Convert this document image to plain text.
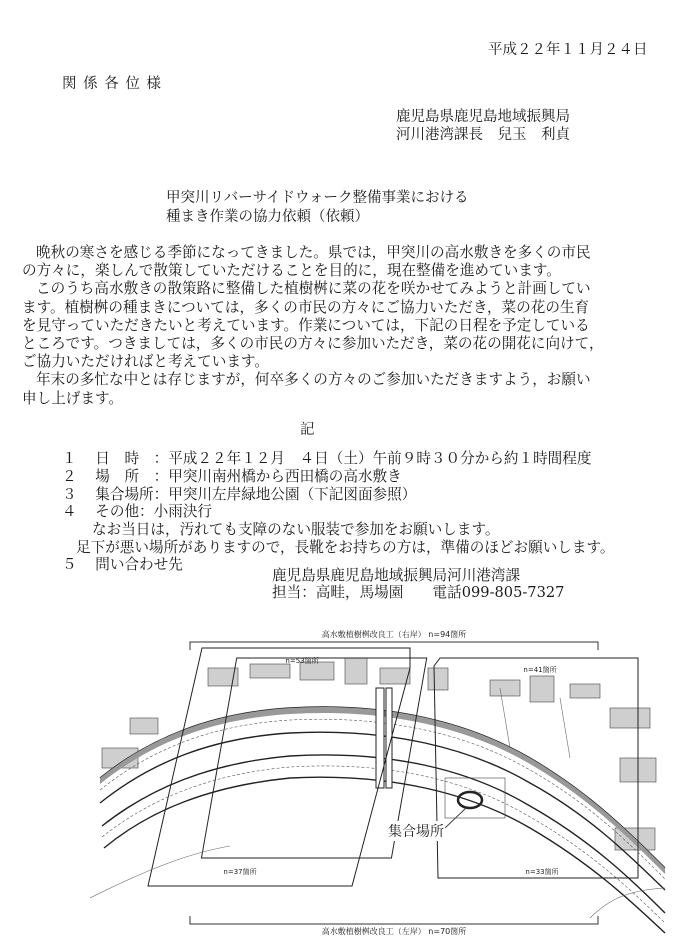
平成２２年１１月２４日
関 係 各 位 様
鹿児島県鹿児島地域振興局
河川港湾課長　兒玉　利貞
甲突川リバーサイドウォーク整備事業における
種まき作業の協力依頼（依頼）
晩秋の寒さを感じる季節になってきました。県では，甲突川の高水敷きを多くの市民
の方々に，楽しんで散策していただけることを目的に，現在整備を進めています。
このうち高水敷きの散策路に整備した植樹桝に菜の花を咲かせてみようと計画してい
ます。植樹桝の種まきについては，多くの市民の方々にご協力いただき，菜の花の生育
を見守っていただきたいと考えています。作業については，下記の日程を予定している
ところです。つきましては，多くの市民の方々に参加いただき，菜の花の開花に向けて，
ご協力いただければと考えています。
年末の多忙な中とは存じますが，何卒多くの方々のご参加いただきますよう，お願い
申し上げます。
記
１ 日　時　：平成２２年１２月　４日（土）午前９時３０分から約１時間程度
２ 場　所　：甲突川南州橋から西田橋の高水敷き
３ 集合場所：甲突川左岸緑地公園（下記図面参照）
４ その他：小雨決行
なお当日は，汚れても支障のない服装で参加をお願いします。
足下が悪い場所がありますので，長靴をお持ちの方は，準備のほどお願いします。
５ 問い合わせ先
鹿児島県鹿児島地域振興局河川港湾課
担当：高畦，馬場園　　電話099-805-7327
高水敷植樹桝改良工（右岸） n=94箇所
高水敷植樹桝改良工（左岸） n=70箇所
n=53箇所
n=41箇所
n=37箇所	n=33箇所
集合場所
